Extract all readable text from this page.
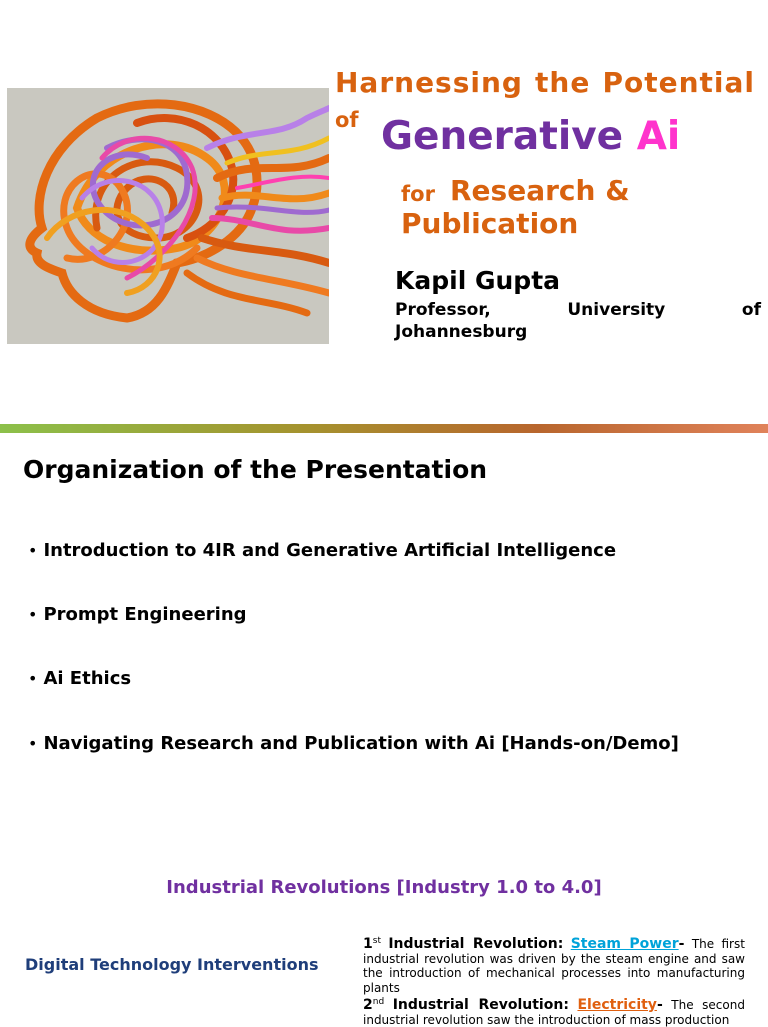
Harnessing the Potential
of Generative Ai
for Research &
Publication
Kapil Gupta
Professor,	University	of
Johannesburg
Organization of the Presentation
• Introduction to 4IR and Generative Artificial Intelligence
• Prompt Engineering
• Ai Ethics
• Navigating Research and Publication with Ai [Hands-on/Demo]
Industrial Revolutions [Industry 1.0 to 4.0]
Digital Technology Interventions
1st Industrial Revolution: Steam Power- The first industrial revolution was driven by the steam engine and saw the introduction of mechanical processes into manufacturing plants
2nd Industrial Revolution: Electricity- The second industrial revolution saw the introduction of mass production
